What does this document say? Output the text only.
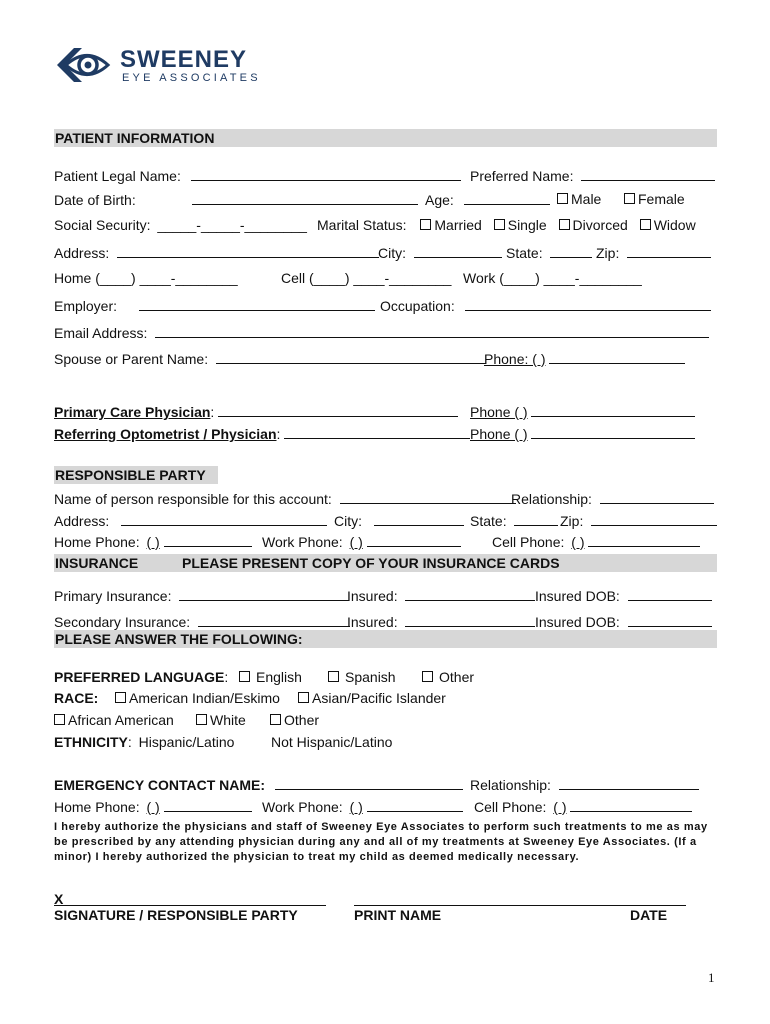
SWEENEY
EYE ASSOCIATES
PATIENT INFORMATION
Patient Legal Name:	Preferred Name:
Date of Birth:	Age:	Male	Female
Social Security: _____-_____-________ Marital Status: Married Single Divorced Widow
Address:	City:	State:	Zip:
Home (____) ____-________	Cell (____) ____-________ Work (____) ____-________
Employer:	Occupation:
Email Address:
Spouse or Parent Name:	Phone: ( )
Primary Care Physician:	Phone ( )
Referring Optometrist / Physician:	Phone ( )
RESPONSIBLE PARTY
Name of person responsible for this account:	Relationship:
Address:	City:	State:	Zip:
Home Phone: ( )	Work Phone: ( )	Cell Phone: ( )
INSURANCE	PLEASE PRESENT COPY OF YOUR INSURANCE CARDS
Primary Insurance:	Insured:	Insured DOB:
Secondary Insurance:	Insured:	Insured DOB:
PLEASE ANSWER THE FOLLOWING:
PREFERRED LANGUAGE:	English	Spanish	Other
RACE:	American Indian/Eskimo	Asian/Pacific Islander
African American	White	Other
ETHNICITY: Hispanic/Latino	Not Hispanic/Latino
EMERGENCY CONTACT NAME:	Relationship:
Home Phone: ( )	Work Phone: ( )	Cell Phone: ( )
I hereby authorize the physicians and staff of Sweeney Eye Associates to perform such treatments to me as may be prescribed by any attending physician during any and all of my treatments at Sweeney Eye Associates. (If a minor) I hereby authorized the physician to treat my child as deemed medically necessary.
X
SIGNATURE / RESPONSIBLE PARTY	PRINT NAME	DATE
1
